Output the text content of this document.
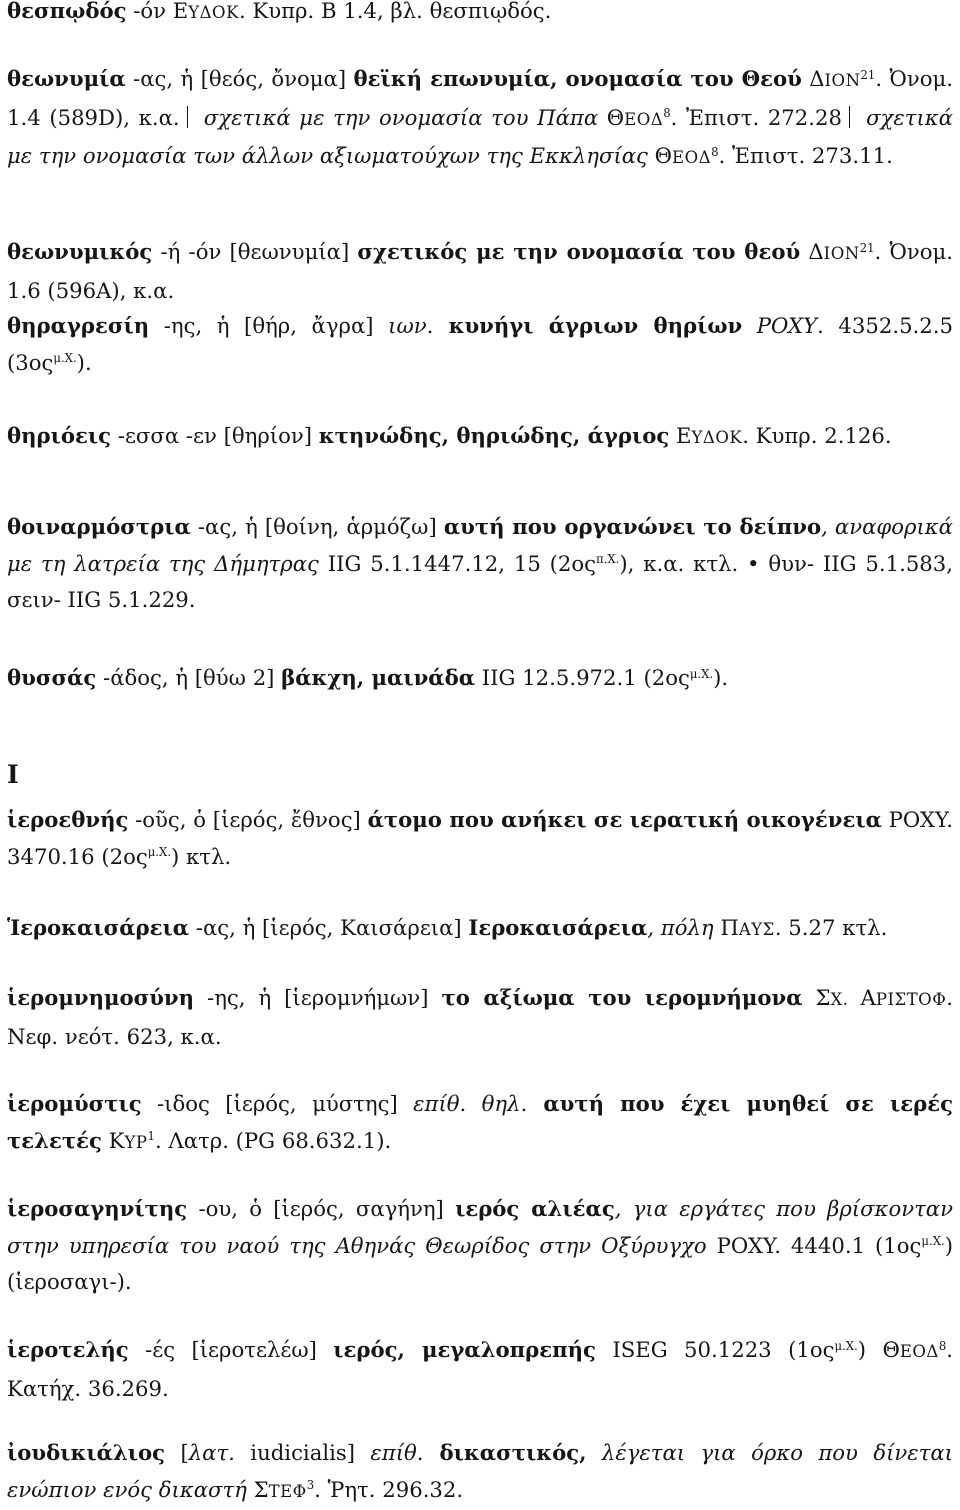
θεσπῳδός -όν ΕΥΔΟΚ. Κυπρ. Β 1.4, βλ. θεσπιῳδός.

θεωνυμία -ας, ἡ [θεός, ὄνομα] θεϊκή επωνυμία, ονομασία του Θεού ΔΙΟΝ$^{21}$. Ὀνομ. 1.4 (589D), κ.α. σχετικά με την ονομασία του Πάπα ΘΕΟΔ$^8$. Ἐπιστ. 272.28 σχετικά με την ονομασία των άλλων αξιωματούχων της Εκκλησίας ΘΕΟΔ$^8$. Ἐπιστ. 273.11.

θεωνυμικός -ή -όν [θεωνυμία] σχετικός με την ονομασία του θεού ΔΙΟΝ$^{21}$. Ὀνομ. 1.6 (596A), κ.α.

θηραγρεσίη -ης, ἡ [θήρ, ἄγρα] ιων. κυνήγι άγριων θηρίων POXY. 4352.5.2.5 $(3o\varsigma^{\mu.X.})$.

θηριόεις -εσσα -εν [θηρίον] κτηνώδης, θηριώδης, άγριος ΕΥΔΟΚ. Κυπρ. 2.126.

θοιναρμόστρια -ας, ἡ [θοίνη, ἁρμόζω] αυτή που οργανώνει το δείπνο, αναφορικά με τη λατρεία της Δήμητρας IIG 5.1.1447.12, 15 $(2o\varsigma^{\pi.X.})$, κ.α. κτλ. • θυν- IIG 5.1.583, σειν- IIG 5.1.229.

θυσσάς -άδος, ἡ [θύω 2] βάκχη, μαινάδα IIG 12.5.972.1 $(2o\varsigma^{\mu.X.})$.

Ι

ἱεροεθνής -οῦς, ὁ [ἱερός, ἔθνος] άτομο που ανήκει σε ιερατική οικογένεια POXY. 3470.16 $(2o\varsigma^{\mu.X.})$ κτλ.

Ἱεροκαισάρεια -ας, ἡ [ἱερός, Καισάρεια] Ιεροκαισάρεια, πόλη ΠΑΥΣ. 5.27 κτλ.

ἱερομνημοσύνη -ης, ἡ [ἱερομνήμων] το αξίωμα του ιερομνήμονα ΣΧ. ΑΡΙΣΤΟΦ. Νεφ. νεότ. 623, κ.α.

ἱερομύστις -ιδος [ἱερός, μύστης] επίθ. θηλ. αυτή που έχει μυηθεί σε ιερές τελετές ΚΥΡ$^1$. Λατρ. (PG 68.632.1).

ἱεροσαγηνίτης -ου, ὁ [ἱερός, σαγήνη] ιερός αλιέας, για εργάτες που βρίσκονταν στην υπηρεσία του ναού της Αθηνάς Θεωρίδος στην Οξύρυγχο POXY. 4440.1 $(1o\varsigma^{\mu.X.})$ (ἱεροσαγι-).

ἱεροτελής -ές [ἱεροτελέω] ιερός, μεγαλοπρεπής ISEG 50.1223 $(1o\varsigma^{\mu.X.})$ ΘΕΟΔ$^8$. Κατήχ. 36.269.

ἰουδικιάλιος [λατ. iudicialis] επίθ. δικαστικός, λέγεται για όρκο που δίνεται ενώπιον ενός δικαστή ΣΤΕΦ$^3$. Ῥητ. 296.32.
